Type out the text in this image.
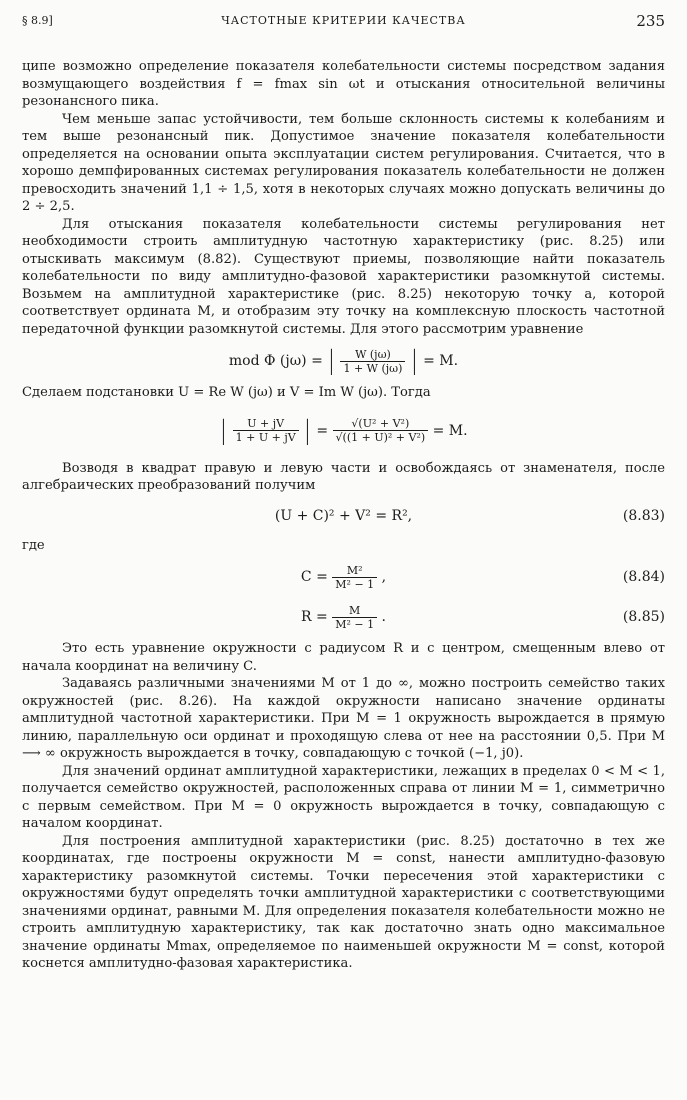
§ 8.9]	ЧАСТОТНЫЕ КРИТЕРИИ КАЧЕСТВА	235

ципе возможно определение показателя колебательности системы посредством задания возмущающего воздействия f = fmax sin ωt и отыскания относительной величины резонансного пика.

Чем меньше запас устойчивости, тем больше склонность системы к колебаниям и тем выше резонансный пик. Допустимое значение показателя колебательности определяется на основании опыта эксплуатации систем регулирования. Считается, что в хорошо демпфированных системах регулирования показатель колебательности не должен превосходить значений 1,1 ÷ 1,5, хотя в некоторых случаях можно допускать величины до 2 ÷ 2,5.

Для отыскания показателя колебательности системы регулирования нет необходимости строить амплитудную частотную характеристику (рис. 8.25) или отыскивать максимум (8.82). Существуют приемы, позволяющие найти показатель колебательности по виду амплитудно-фазовой характеристики разомкнутой системы. Возьмем на амплитудной характеристике (рис. 8.25) некоторую точку a, которой соответствует ордината M, и отобразим эту точку на комплексную плоскость частотной передаточной функции разомкнутой системы. Для этого рассмотрим уравнение

mod Φ (jω) = | $\frac{W (j\omega)}{1 + W (j\omega)}$ | = M.

Сделаем подстановки U = Re W (jω) и V = Im W (jω). Тогда

| $\frac{U + jV}{1 + U + jV}$ | = $\frac{\text{√(U² + V²)}}{\text{√((1 + U)² + V²)}} = M$.

Возводя в квадрат правую и левую части и освобождаясь от знаменателя, после алгебраических преобразований получим

(U + C)² + V² = R²,	(8.83)

где

$C = \frac{\text{M²}}{\text{M² − 1}}$ ,	(8.84)
$R = \frac{M}{\text{M² − 1}}$ .	(8.85)

Это есть уравнение окружности с радиусом R и с центром, смещенным влево от начала координат на величину C.

Задаваясь различными значениями M от 1 до ∞, можно построить семейство таких окружностей (рис. 8.26). На каждой окружности написано значение ординаты амплитудной частотной характеристики. При M = 1 окружность вырождается в прямую линию, параллельную оси ординат и проходящую слева от нее на расстоянии 0,5. При M ⟶ ∞ окружность вырождается в точку, совпадающую с точкой (−1, j0).

Для значений ординат амплитудной характеристики, лежащих в пределах 0 < M < 1, получается семейство окружностей, расположенных справа от линии M = 1, симметрично с первым семейством. При M = 0 окружность вырождается в точку, совпадающую с началом координат.

Для построения амплитудной характеристики (рис. 8.25) достаточно в тех же координатах, где построены окружности M = const, нанести амплитудно-фазовую характеристику разомкнутой системы. Точки пересечения этой характеристики с окружностями будут определять точки амплитудной характеристики с соответствующими значениями ординат, равными M. Для определения показателя колебательности можно не строить амплитудную характеристику, так как достаточно знать одно максимальное значение ординаты Mmax, определяемое по наименьшей окружности M = const, которой коснется амплитудно-фазовая характеристика.
